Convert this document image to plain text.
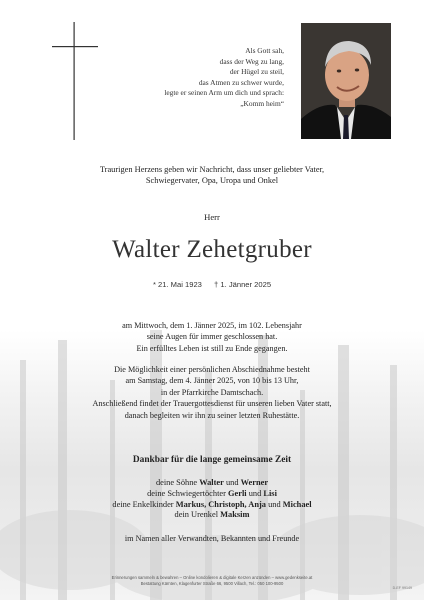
Als Gott sah,
dass der Weg zu lang,
der Hügel zu steil,
das Atmen zu schwer wurde,
legte er seinen Arm um dich und sprach:
„Komm heim“
Traurigen Herzens geben wir Nachricht, dass unser geliebter Vater,
Schwiegervater, Opa, Uropa und Onkel
Herr
Walter Zehetgruber
* 21. Mai 1923 † 1. Jänner 2025
am Mittwoch, dem 1. Jänner 2025, im 102. Lebensjahr
seine Augen für immer geschlossen hat.
Ein erfülltes Leben ist still zu Ende gegangen.
Die Möglichkeit einer persönlichen Abschiednahme besteht
am Samstag, dem 4. Jänner 2025, von 10 bis 13 Uhr,
in der Pfarrkirche Damtschach.
Anschließend findet der Trauergottesdienst für unseren lieben Vater statt,
danach begleiten wir ihn zu seiner letzten Ruhestätte.
Dankbar für die lange gemeinsame Zeit
deine Söhne Walter und Werner
deine Schwiegertöchter Gerli und Lisi
deine Enkelkinder Markus, Christoph, Anja und Michael
dein Urenkel Maksim
im Namen aller Verwandten, Bekannten und Freunde
Erinnerungen sammeln & bewahren – Online kondolieren & digitale Kerzen anzünden – www.gedenkseite.at
Bestattung Kärnten, Klagenfurter Straße 66, 9500 Villach, Tel.: 050 100-9500
D-EF 99149
